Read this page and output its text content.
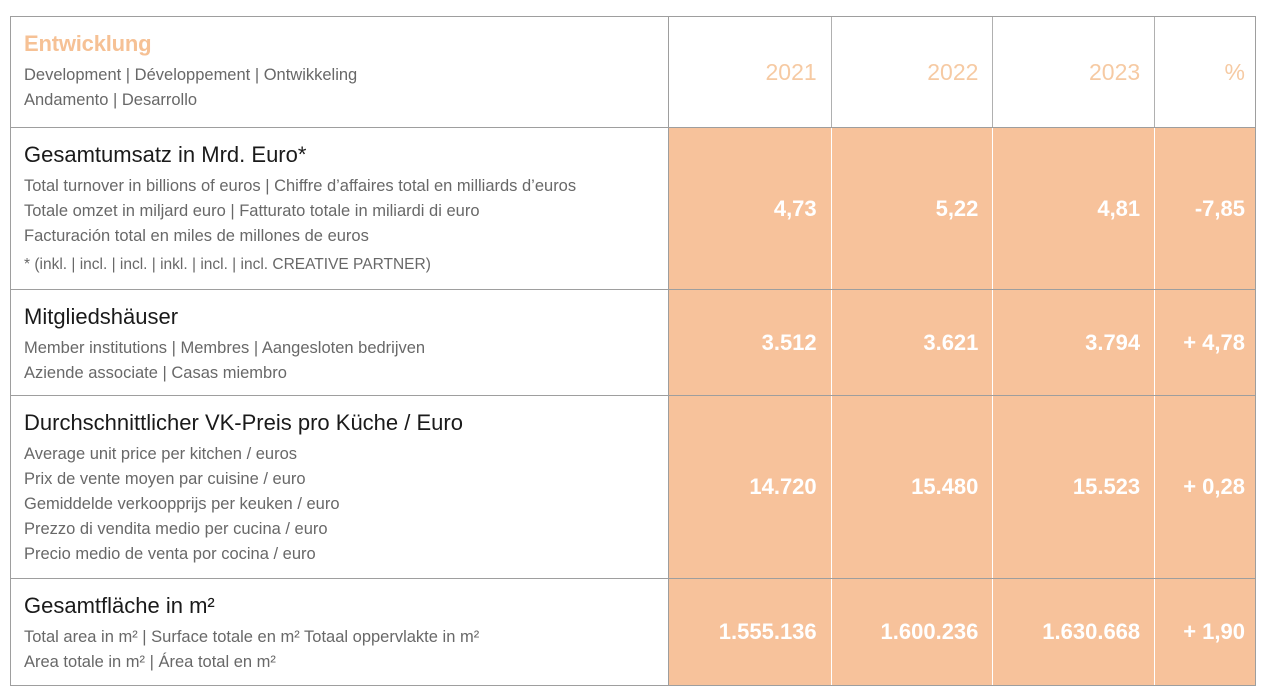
Entwicklung
Development | Développement | Ontwikkeling
Andamento | Desarrollo
2021	2022	2023	%
Gesamtumsatz in Mrd. Euro*
Total turnover in billions of euros | Chiffre d’affaires total en milliards d’euros
Totale omzet in miljard euro | Fatturato totale in miliardi di euro
Facturación total en miles de millones de euros
* (inkl. | incl. | incl. | inkl. | incl. | incl. CREATIVE PARTNER)
4,73	5,22	4,81	-7,85
Mitgliedshäuser
Member institutions | Membres | Aangesloten bedrijven
Aziende associate | Casas miembro
3.512	3.621	3.794	+ 4,78
Durchschnittlicher VK-Preis pro Küche / Euro
Average unit price per kitchen / euros
Prix de vente moyen par cuisine / euro
Gemiddelde verkoopprijs per keuken / euro
Prezzo di vendita medio per cucina / euro
Precio medio de venta por cocina / euro
14.720	15.480	15.523	+ 0,28
Gesamtfläche in m²
Total area in m² | Surface totale en m² Totaal oppervlakte in m²
Area totale in m² | Área total en m²
1.555.136	1.600.236	1.630.668	+ 1,90
